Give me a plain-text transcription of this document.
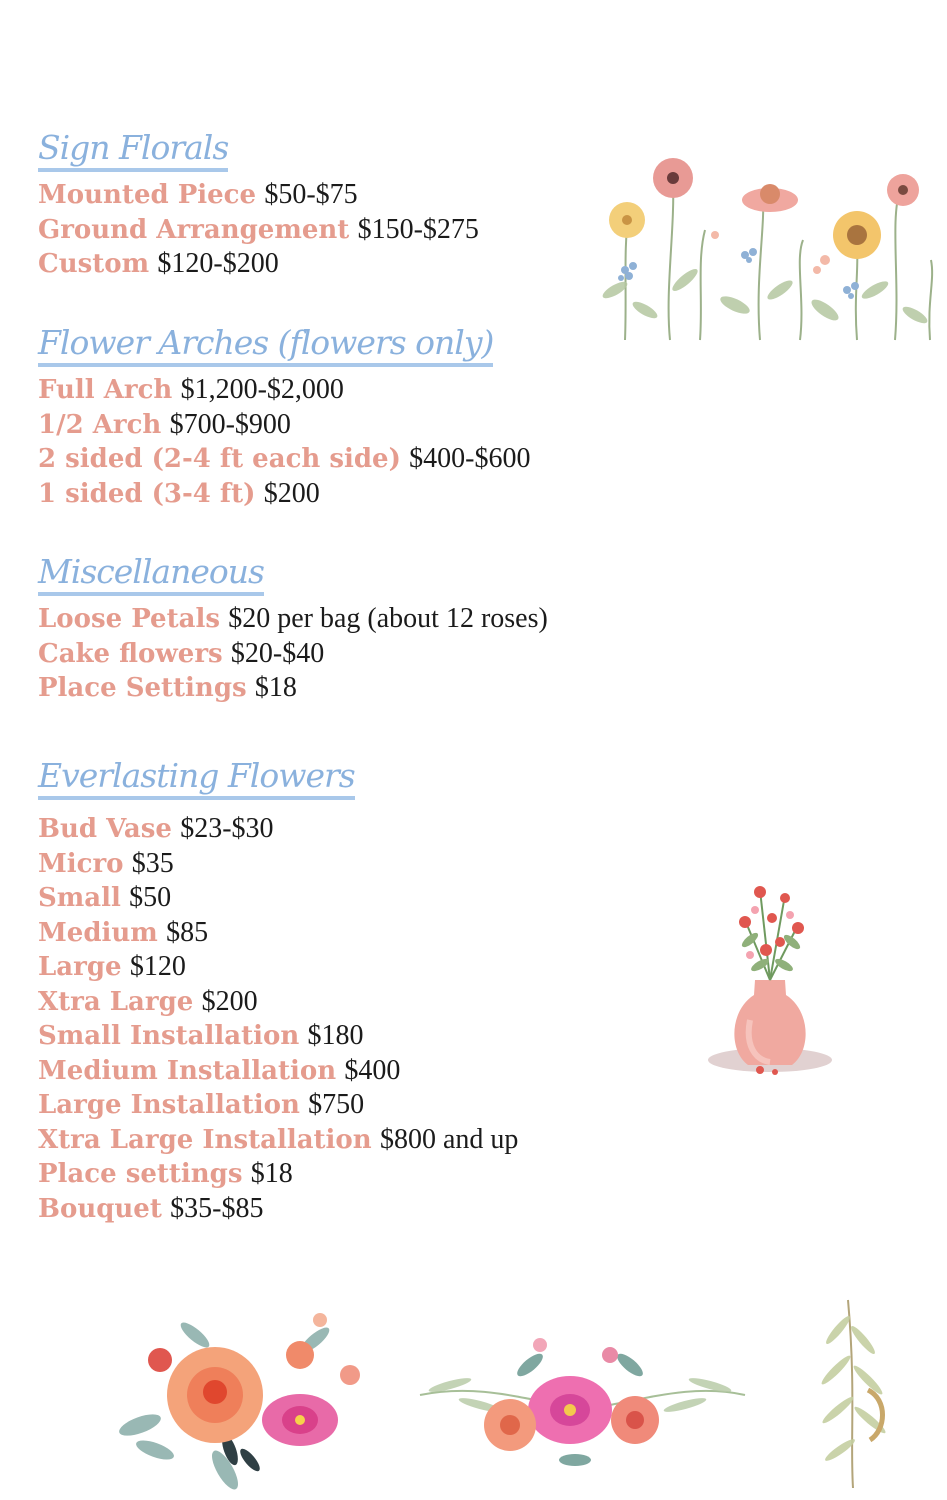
Sign Florals
Mounted Piece $50-$75
Ground Arrangement $150-$275
Custom $120-$200
Flower Arches (flowers only)
Full Arch $1,200-$2,000
1/2 Arch $700-$900
2 sided (2-4 ft each side) $400-$600
1 sided (3-4 ft) $200
Miscellaneous
Loose Petals $20 per bag (about 12 roses)
Cake flowers $20-$40
Place Settings $18
Everlasting Flowers
Bud Vase $23-$30
Micro $35
Small $50
Medium $85
Large $120
Xtra Large $200
Small Installation $180
Medium Installation $400
Large Installation $750
Xtra Large Installation $800 and up
Place settings $18
Bouquet $35-$85
